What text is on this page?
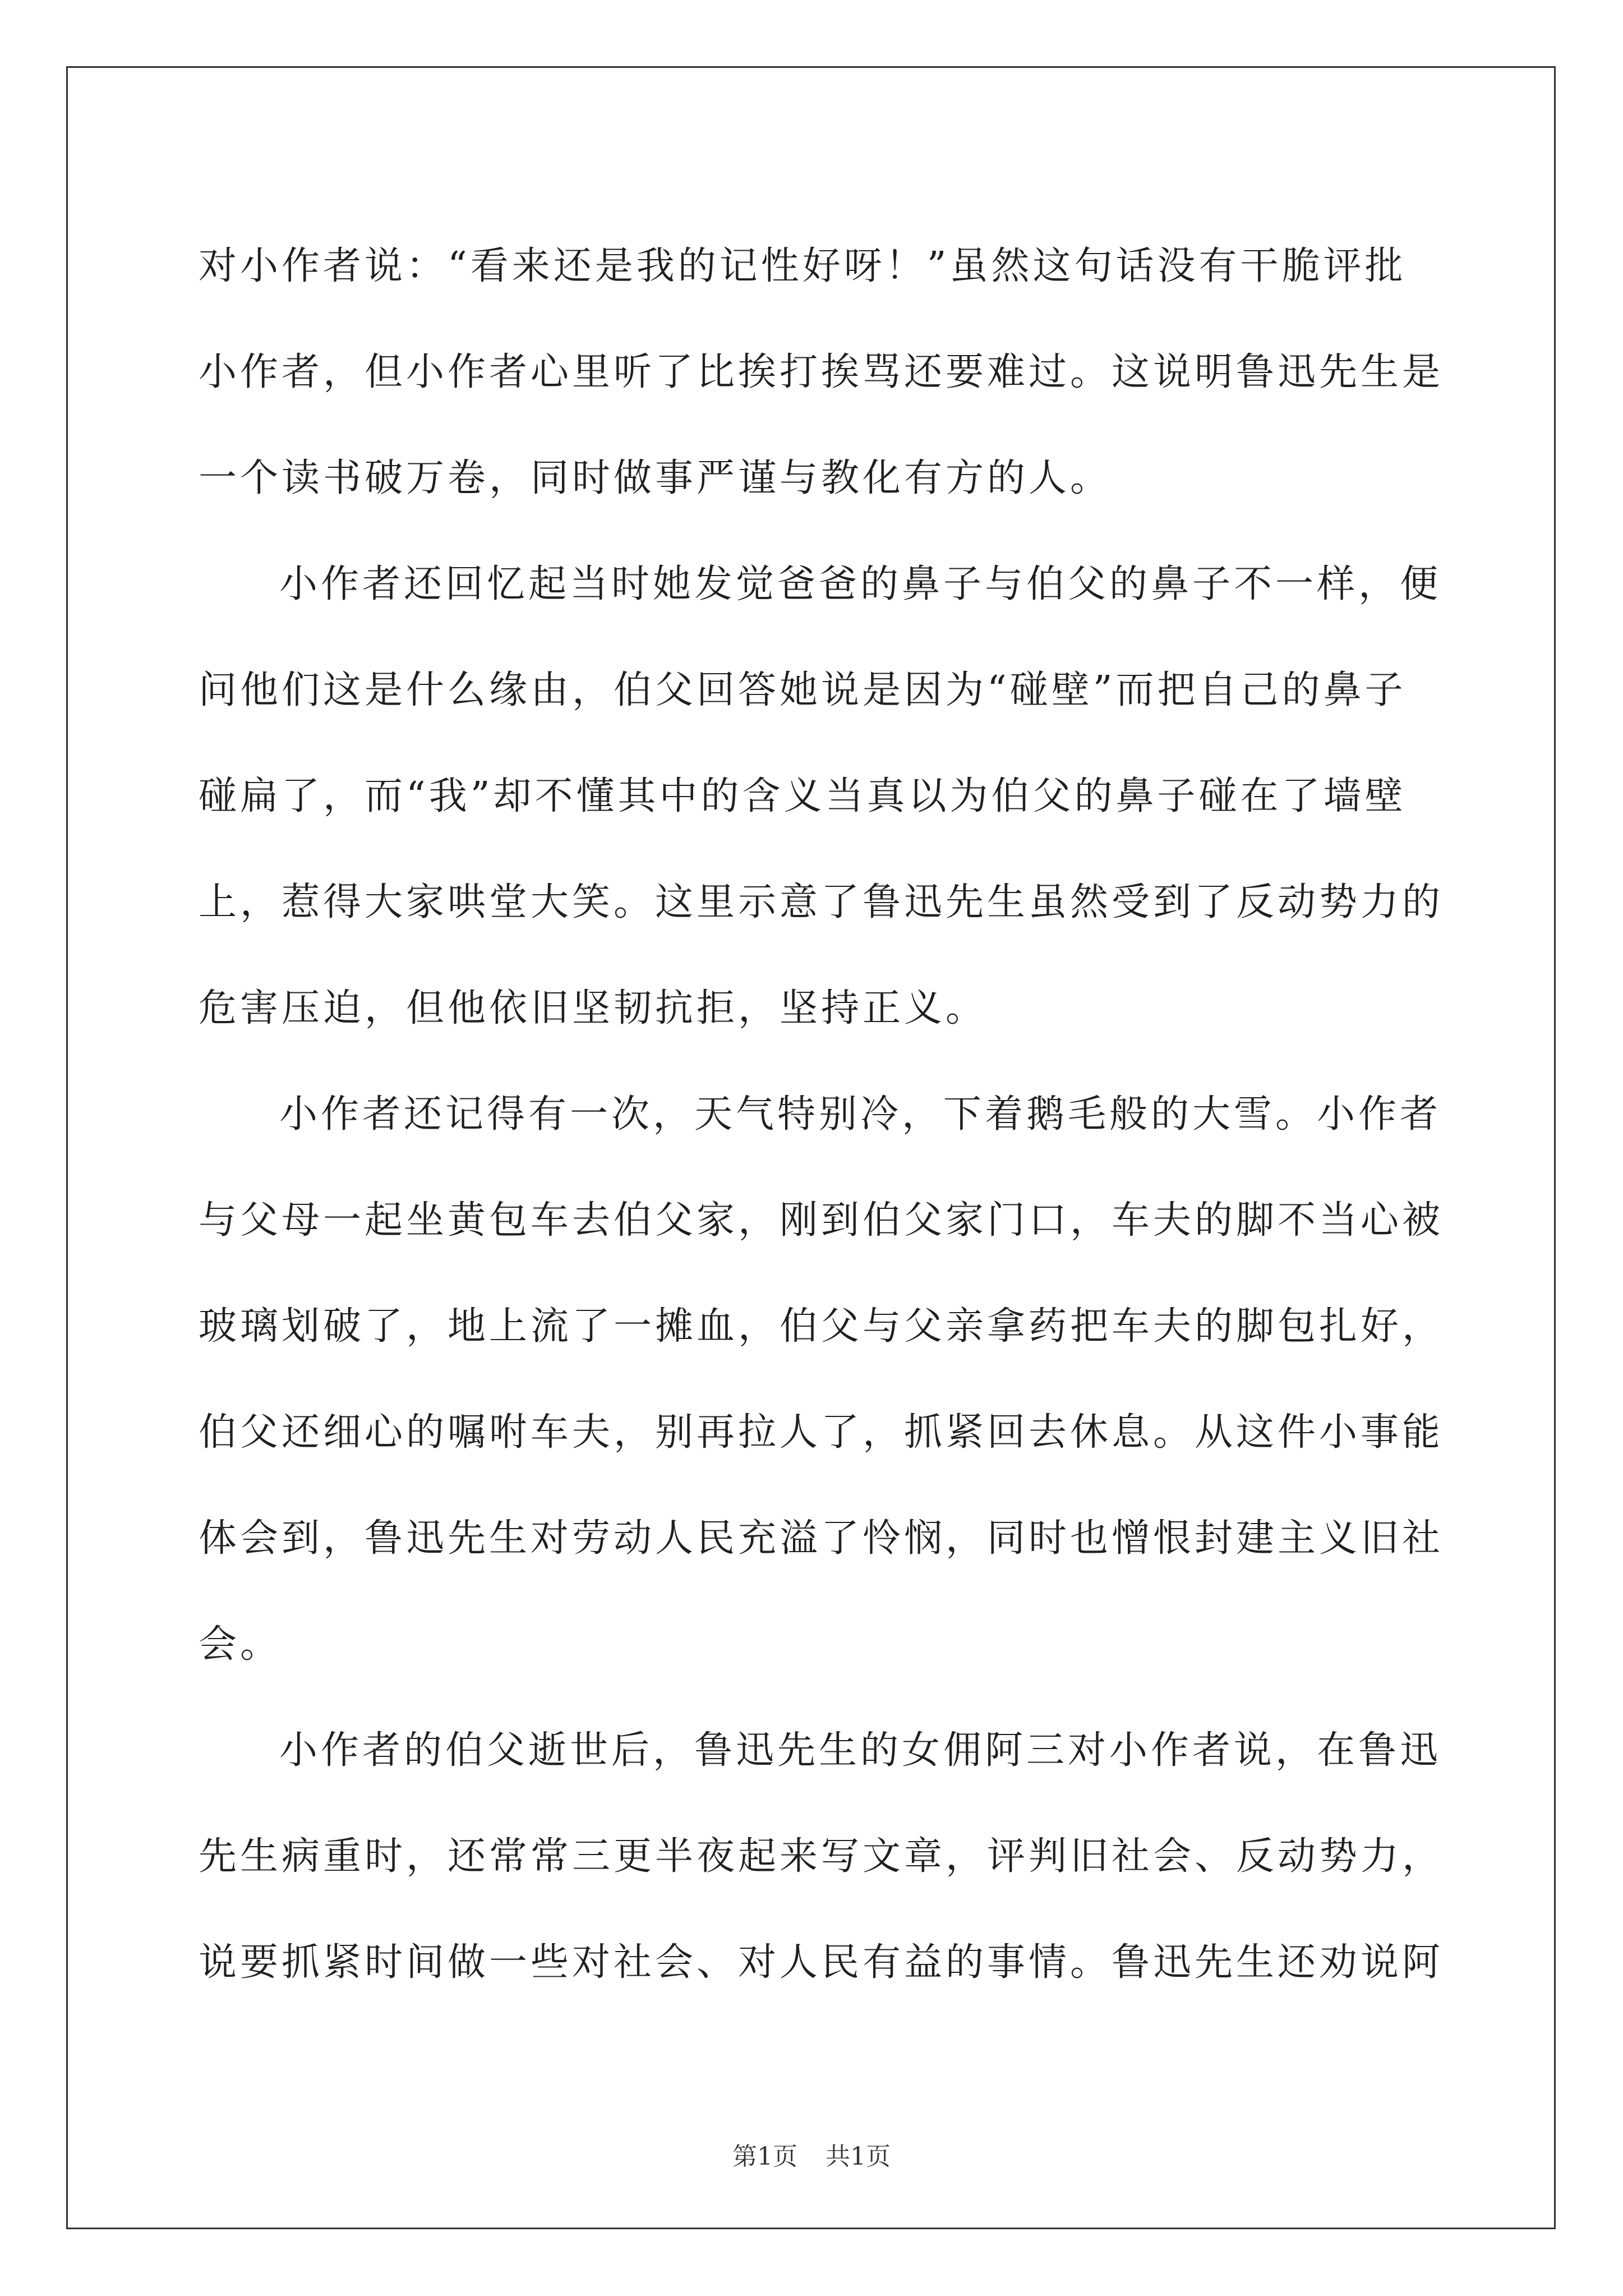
对小作者说：“看来还是我的记性好呀！”虽然这句话没有干脆评批
小作者，但小作者心里听了比挨打挨骂还要难过。这说明鲁迅先生是
一个读书破万卷，同时做事严谨与教化有方的人。
小作者还回忆起当时她发觉爸爸的鼻子与伯父的鼻子不一样，便
问他们这是什么缘由，伯父回答她说是因为“碰壁”而把自己的鼻子
碰扁了，而“我”却不懂其中的含义当真以为伯父的鼻子碰在了墙壁
上，惹得大家哄堂大笑。这里示意了鲁迅先生虽然受到了反动势力的
危害压迫，但他依旧坚韧抗拒，坚持正义。
小作者还记得有一次，天气特别冷，下着鹅毛般的大雪。小作者
与父母一起坐黄包车去伯父家，刚到伯父家门口，车夫的脚不当心被
玻璃划破了，地上流了一摊血，伯父与父亲拿药把车夫的脚包扎好，
伯父还细心的嘱咐车夫，别再拉人了，抓紧回去休息。从这件小事能
体会到，鲁迅先生对劳动人民充溢了怜悯，同时也憎恨封建主义旧社
会。
小作者的伯父逝世后，鲁迅先生的女佣阿三对小作者说，在鲁迅
先生病重时，还常常三更半夜起来写文章，评判旧社会、反动势力，
说要抓紧时间做一些对社会、对人民有益的事情。鲁迅先生还劝说阿
第1页 共1页
